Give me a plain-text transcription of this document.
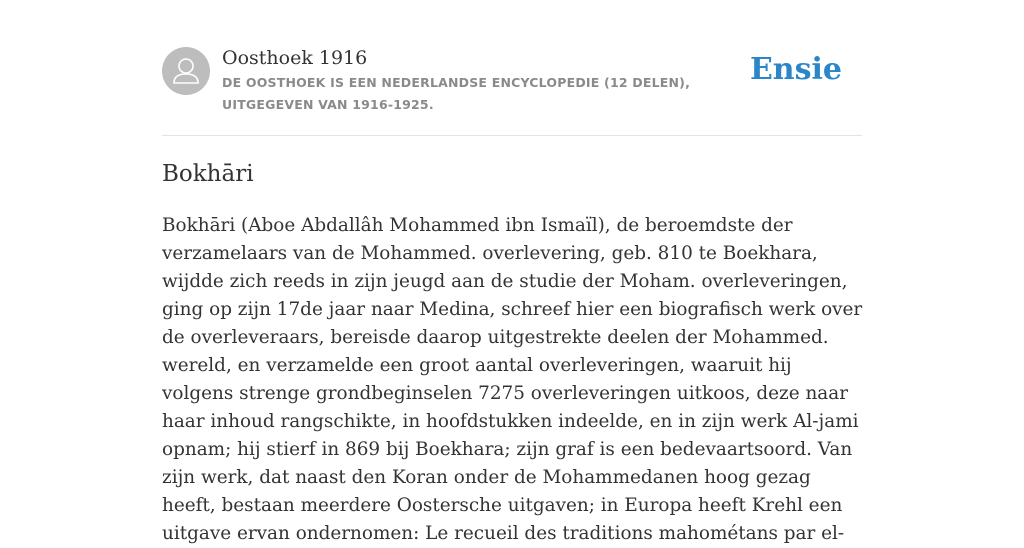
Oosthoek 1916

DE OOSTHOEK IS EEN NEDERLANDSE ENCYCLOPEDIE (12 DELEN), UITGEGEVEN VAN 1916-1925.

Ensie
Bokhāri

Bokhāri (Aboe Abdallâh Mohammed ibn Ismaïl), de beroemdste der verzamelaars van de Mohammed. overlevering, geb. 810 te Boekhara, wijdde zich reeds in zijn jeugd aan de studie der Moham. overleveringen, ging op zijn 17de jaar naar Medina, schreef hier een biografisch werk over de overleveraars, bereisde daarop uitgestrekte deelen der Mohammed. wereld, en verzamelde een groot aantal overleveringen, waaruit hij volgens strenge grondbeginselen 7275 overleveringen uitkoos, deze naar haar inhoud rangschikte, in hoofdstukken indeelde, en in zijn werk Al-jami opnam; hij stierf in 869 bij Boekhara; zijn graf is een bedevaartsoord. Van zijn werk, dat naast den Koran onder de Mohammedanen hoog gezag heeft, bestaan meerdere Oostersche uitgaven; in Europa heeft Krehl een uitgave ervan ondernomen: Le recueil des traditions mahométans par el-
